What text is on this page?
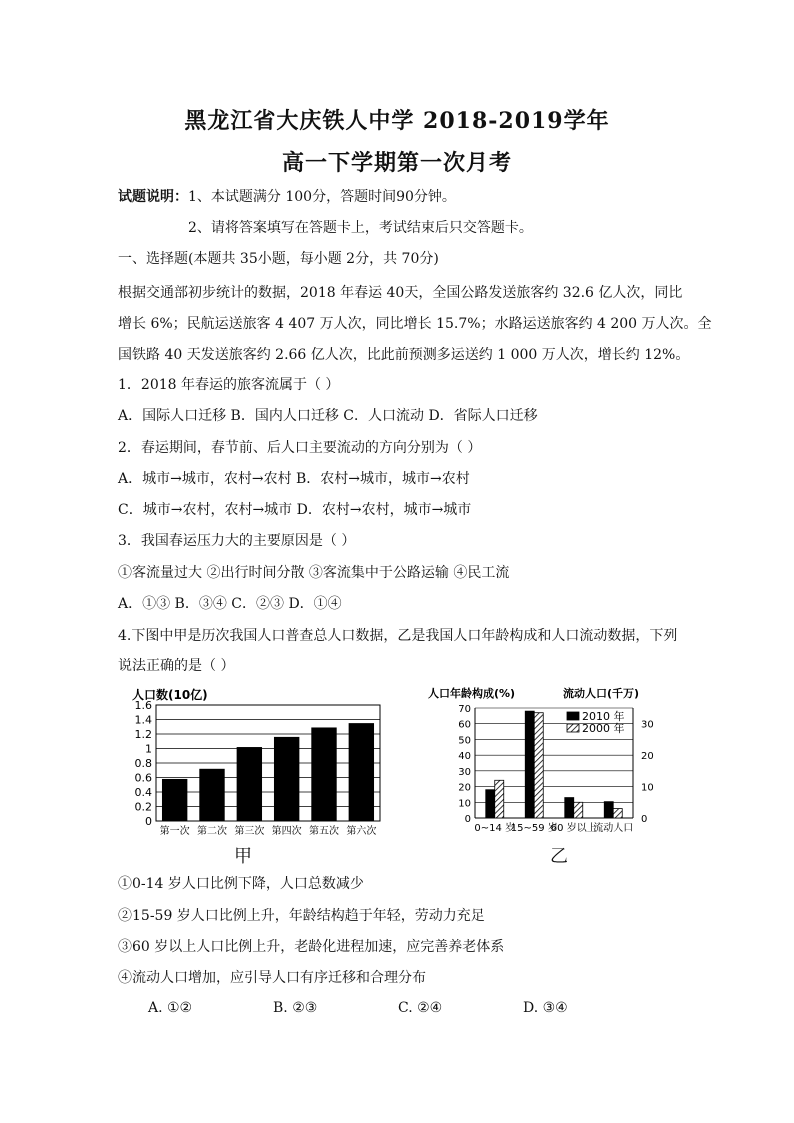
黑龙江省大庆铁人中学 2018-2019学年
高一下学期第一次月考
试题说明：1、本试题满分 100分，答题时间90分钟。
2、请将答案填写在答题卡上，考试结束后只交答题卡。
一、选择题(本题共 35小题，每小题 2分，共 70分)
根据交通部初步统计的数据，2018 年春运 40天，全国公路发送旅客约 32.6 亿人次，同比
增长 6%；民航运送旅客 4 407 万人次，同比增长 15.7%；水路运送旅客约 4 200 万人次。全
国铁路 40 天发送旅客约 2.66 亿人次，比此前预测多运送约 1 000 万人次，增长约 12%。
1．2018 年春运的旅客流属于（ ）
A．国际人口迁移 B．国内人口迁移 C．人口流动 D．省际人口迁移
2．春运期间，春节前、后人口主要流动的方向分别为（ ）
A．城市→城市，农村→农村 B．农村→城市，城市→农村
C．城市→农村，农村→城市 D．农村→农村，城市→城市
3．我国春运压力大的主要原因是（ ）
①客流量过大 ②出行时间分散 ③客流集中于公路运输 ④民工流
A．①③ B．③④ C．②③ D．①④
4.下图中甲是历次我国人口普查总人口数据，乙是我国人口年龄构成和人口流动数据，下列
说法正确的是（ ）
人口数(10亿)
0
0.2
0.4
0.6
0.8
1
1.2
1.4
1.6
第一次 第二次 第三次 第四次 第五次 第六次
甲
人口年龄构成(%)	流动人口(千万)
0
10
20
30
40
50
60
70
0
10
20
30
0~14 岁
15~59 岁
60 岁以上
流动人口
2010 年
2000 年
乙
①0-14 岁人口比例下降，人口总数减少
②15-59 岁人口比例上升，年龄结构趋于年轻，劳动力充足
③60 岁以上人口比例上升，老龄化进程加速，应完善养老体系
④流动人口增加，应引导人口有序迁移和合理分布
A. ①②	B. ②③	C. ②④	D. ③④
